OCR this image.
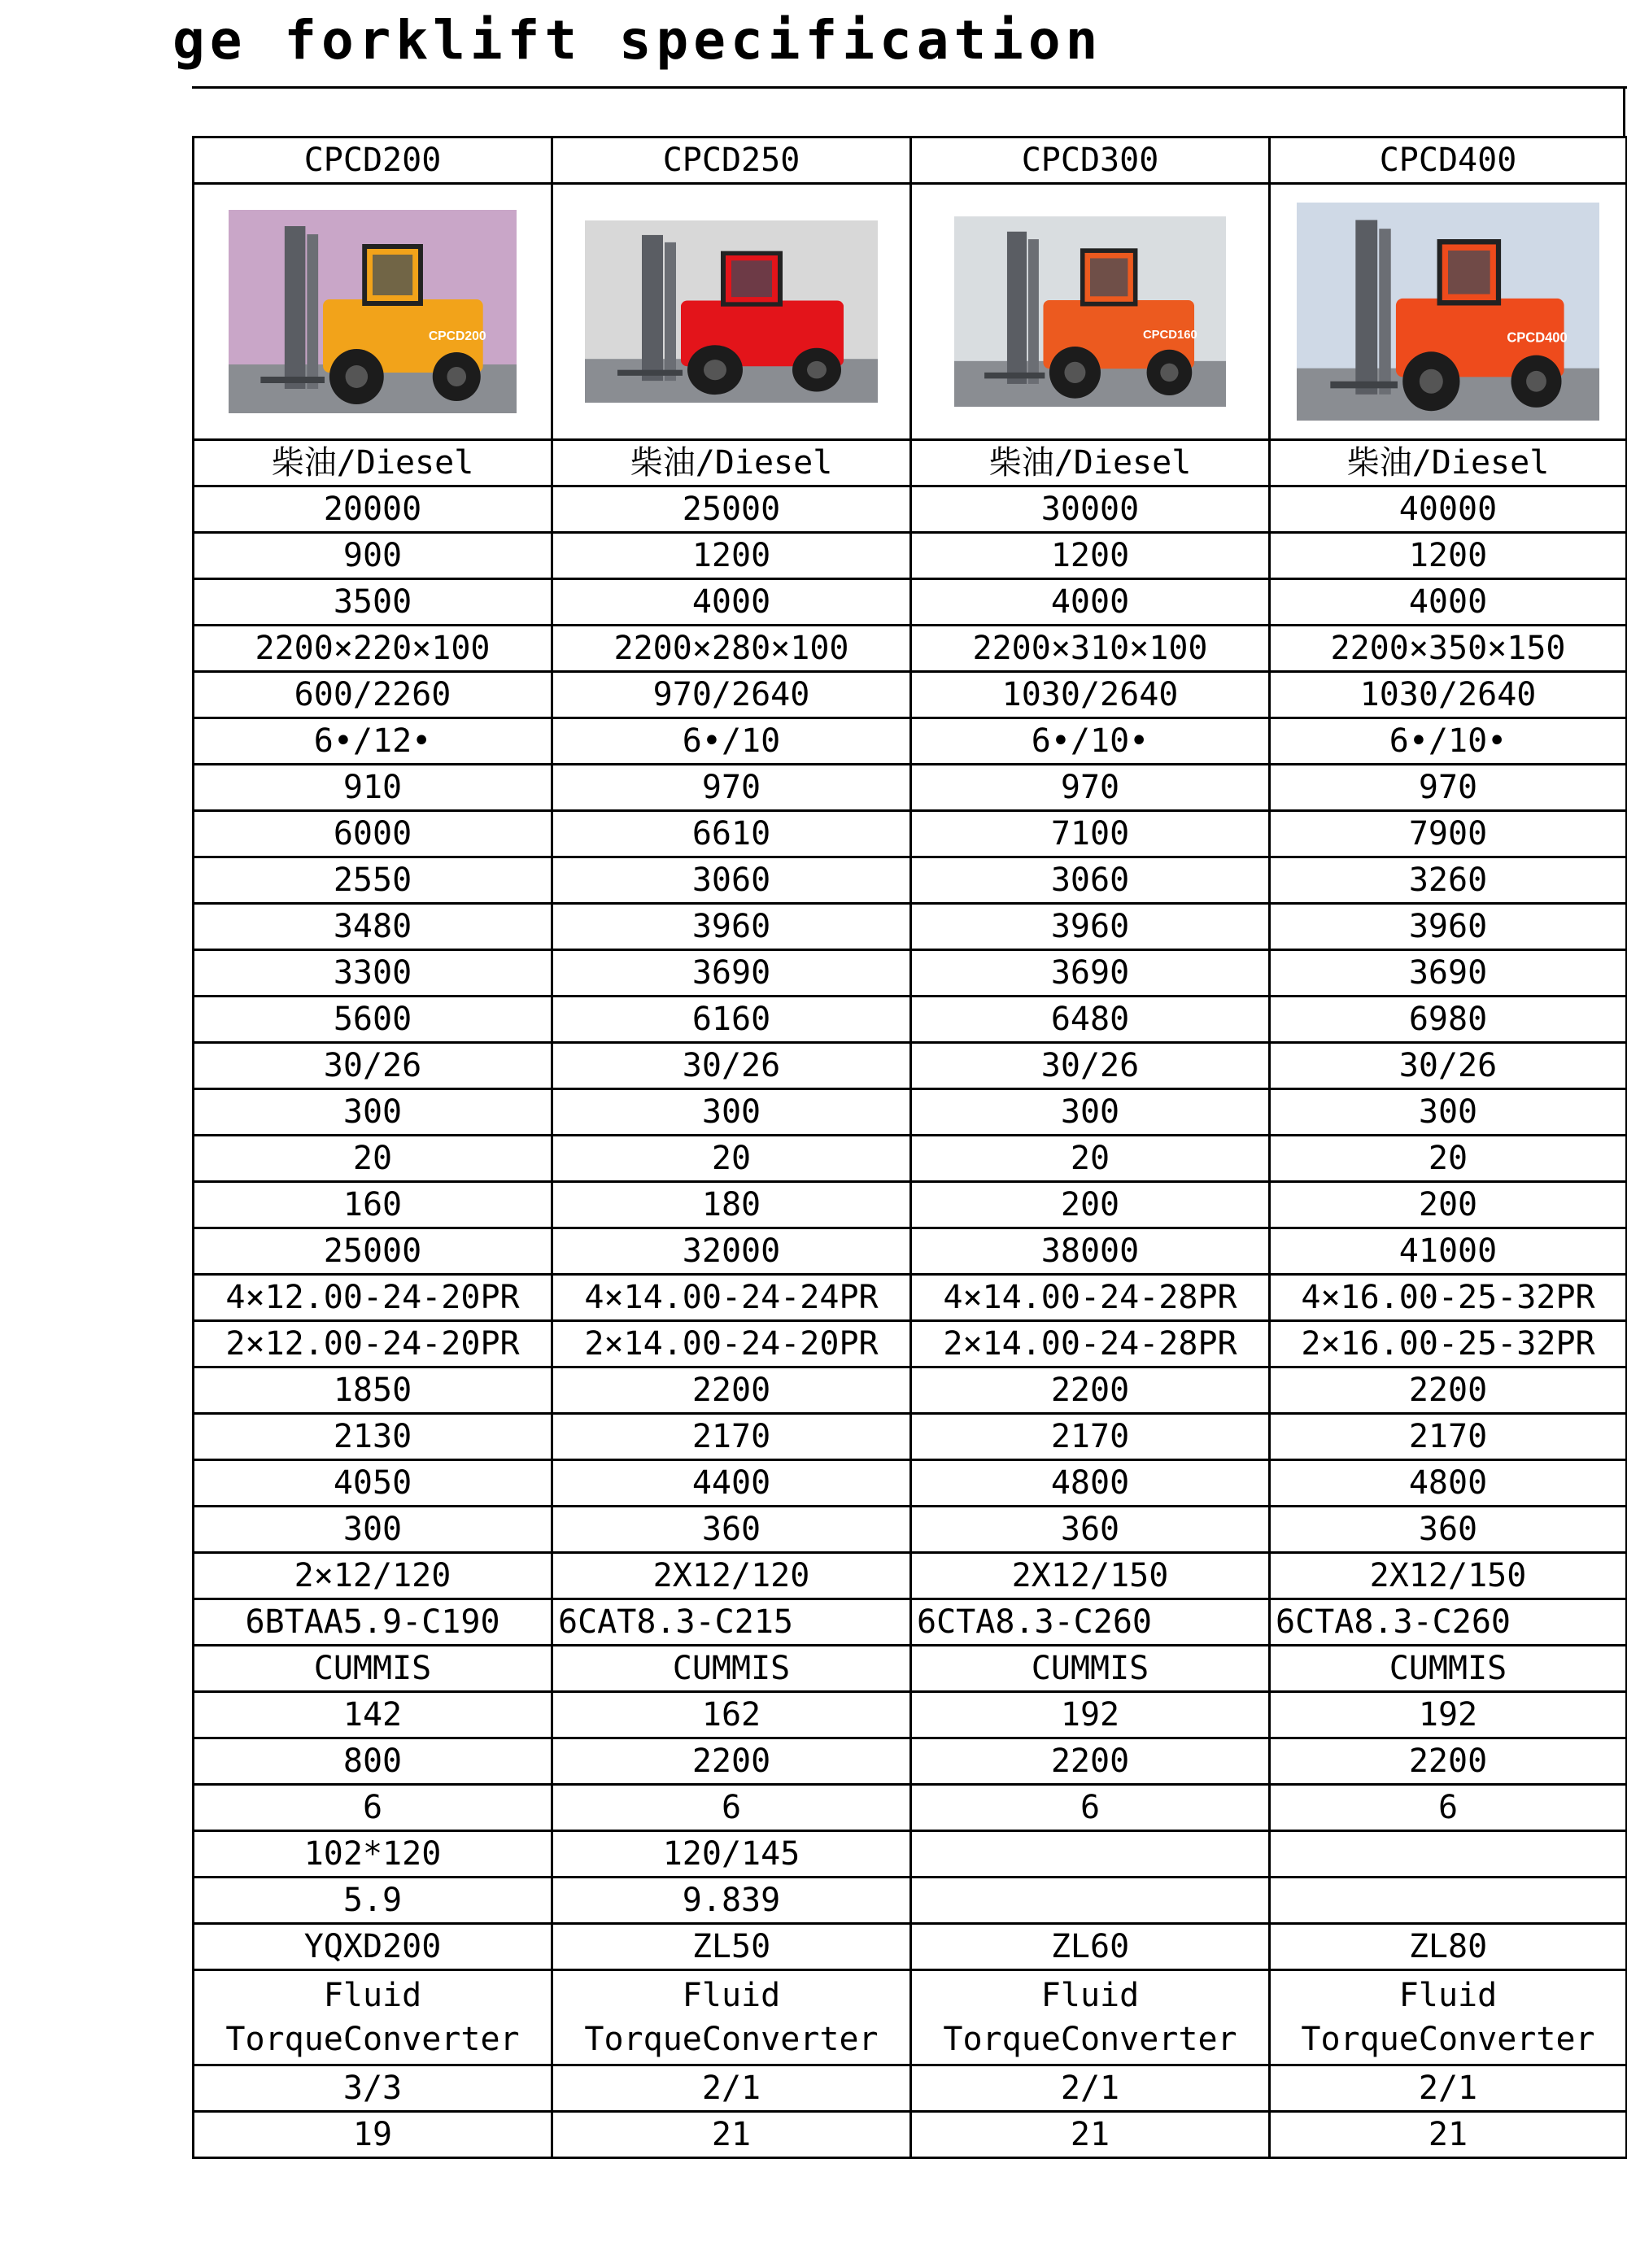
ge forklift specification
CPCD200	CPCD250	CPCD300	CPCD400

CPCD200		CPCD160	CPCD400

柴油/Diesel	柴油/Diesel	柴油/Diesel	柴油/Diesel
20000	25000	30000	40000
900	1200	1200	1200
3500	4000	4000	4000
2200×220×100	2200×280×100	2200×310×100	2200×350×150
600/2260	970/2640	1030/2640	1030/2640
6•/12•	6•/10	6•/10•	6•/10•
910	970	970	970
6000	6610	7100	7900
2550	3060	3060	3260
3480	3960	3960	3960
3300	3690	3690	3690
5600	6160	6480	6980
30/26	30/26	30/26	30/26
300	300	300	300
20	20	20	20
160	180	200	200
25000	32000	38000	41000
4×12.00-24-20PR	4×14.00-24-24PR	4×14.00-24-28PR	4×16.00-25-32PR
2×12.00-24-20PR	2×14.00-24-20PR	2×14.00-24-28PR	2×16.00-25-32PR
1850	2200	2200	2200
2130	2170	2170	2170
4050	4400	4800	4800
300	360	360	360
2×12/120	2X12/120	2X12/150	2X12/150
6BTAA5.9-C190	6CAT8.3-C215	6CTA8.3-C260	6CTA8.3-C260
CUMMIS	CUMMIS	CUMMIS	CUMMIS
142	162	192	192
800	2200	2200	2200
6	6	6	6
102*120	120/145		
5.9	9.839		
YQXD200	ZL50	ZL60	ZL80
Fluid TorqueConverter	Fluid TorqueConverter	Fluid TorqueConverter	Fluid TorqueConverter
3/3	2/1	2/1	2/1
19	21	21	21
